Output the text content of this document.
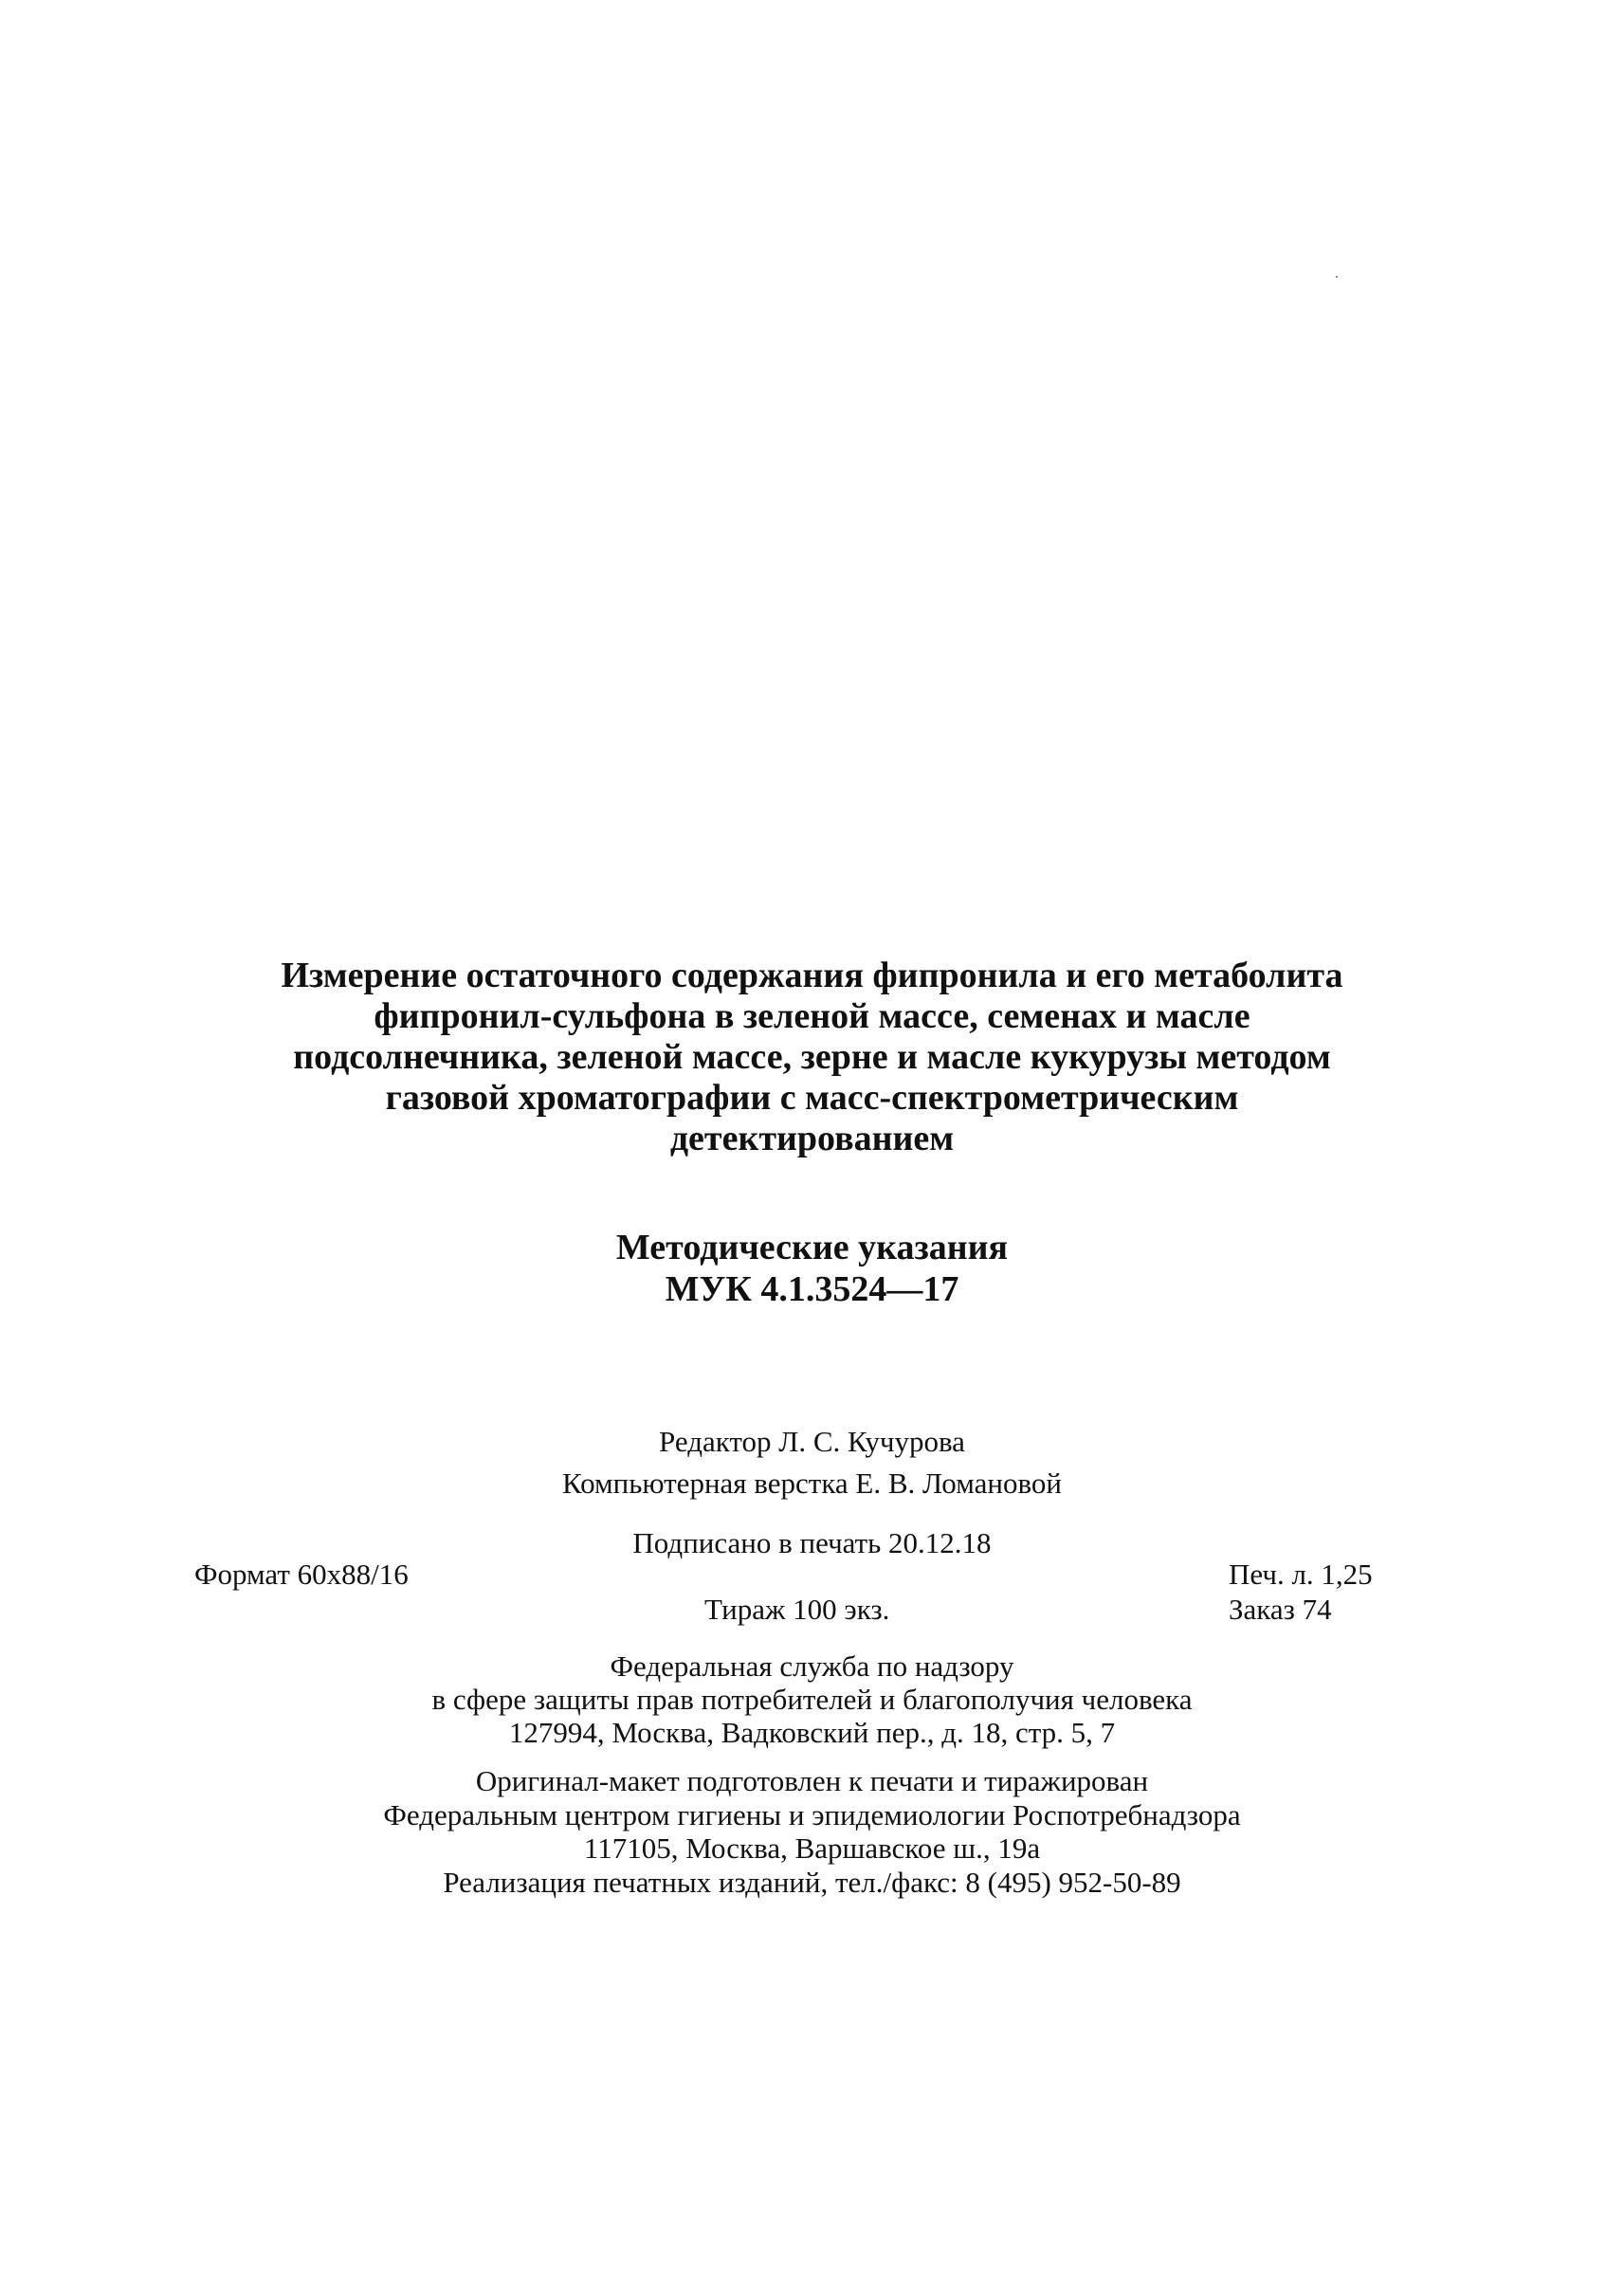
Измерение остаточного содержания фипронила и его метаболита
фипронил-сульфона в зеленой массе, семенах и масле
подсолнечника, зеленой массе, зерне и масле кукурузы методом
газовой хроматографии с масс-спектрометрическим
детектированием
Методические указания
МУК 4.1.3524—17
Редактор Л. С. Кучурова
Компьютерная верстка Е. В. Ломановой
Подписано в печать 20.12.18
Формат 60x88/16	Печ. л. 1,25
Тираж 100 экз.	Заказ 74
Федеральная служба по надзору
в сфере защиты прав потребителей и благополучия человека
127994, Москва, Вадковский пер., д. 18, стр. 5, 7
Оригинал-макет подготовлен к печати и тиражирован
Федеральным центром гигиены и эпидемиологии Роспотребнадзора
117105, Москва, Варшавское ш., 19а
Реализация печатных изданий, тел./факс: 8 (495) 952-50-89
